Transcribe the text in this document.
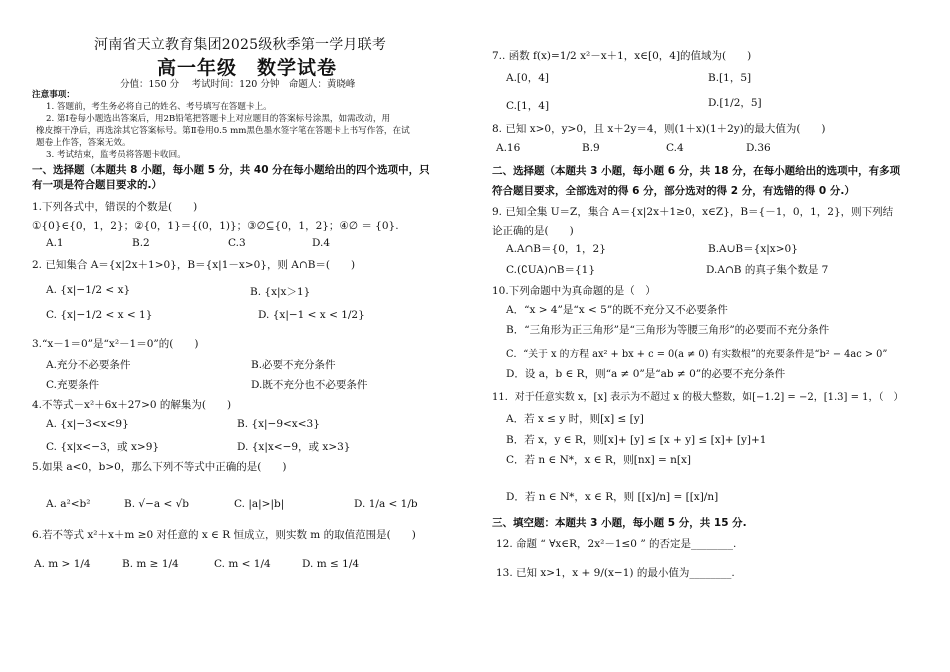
河南省天立教育集团2025级秋季第一学月联考
高一年级　数学试卷
分值：150 分　 考试时间：120 分钟　命题人：黄晓峰
注意事项：
1. 答题前，考生务必将自己的姓名、考号填写在答题卡上。
2. 第Ⅰ卷每小题选出答案后，用2B铅笔把答题卡上对应题目的答案标号涂黑，如需改动，用
橡皮擦干净后，再选涂其它答案标号。第Ⅱ卷用0.5 mm黑色墨水签字笔在答题卡上书写作答，在试
题卷上作答，答案无效。
3. 考试结束，监考员将答题卡收回。
一、选择题（本题共 8 小题，每小题 5 分，共 40 分在每小题给出的四个选项中，只
有一项是符合题目要求的.）
1.下列各式中，错误的个数是(　　)
①{0}∈{0，1，2}；②{0，1}＝{(0，1)}；③∅⊆{0，1，2}；④∅ ＝ {0}.
A.1	B.2	C.3	D.4
2. 已知集合 A＝{x|2x＋1>0}，B＝{x|1－x>0}，则 A∩B＝(　　)
A. {x|−1/2 < x}	B. {x|x＞1}
C. {x|−1/2 < x < 1}	D. {x|−1 < x < 1/2}
3.“x－1＝0”是“x²－1＝0”的(　　)
A.充分不必要条件	B.必要不充分条件
C.充要条件	D.既不充分也不必要条件
4.不等式－x²＋6x＋27>0 的解集为(　　)
A. {x|−3<x<9}	B. {x|−9<x<3}
C. {x|x<−3，或 x>9}	D. {x|x<−9，或 x>3}
5.如果 a<0，b>0，那么下列不等式中正确的是(　　)
A. a²<b²	B. √−a < √b	C. |a|>|b|	D. 1/a < 1/b
6.若不等式 x²＋x＋m ≥0 对任意的 x ∈ R 恒成立，则实数 m 的取值范围是(　　)
A. m > 1/4	B. m ≥ 1/4	C. m < 1/4	D. m ≤ 1/4
7.. 函数 f(x)=1/2 x²－x＋1，x∈[0，4]的值域为(　　)
A.[0，4]	B.[1，5]
C.[1，4]	D.[1/2，5]
8. 已知 x>0，y>0，且 x＋2y＝4，则(1＋x)(1＋2y)的最大值为(　　)
A.16	B.9	C.4	D.36
二、选择题（本题共 3 小题，每小题 6 分，共 18 分，在每小题给出的选项中，有多项
符合题目要求，全部选对的得 6 分，部分选对的得 2 分，有选错的得 0 分.）
9. 已知全集 U＝Z，集合 A＝{x|2x＋1≥0，x∈Z}，B＝{－1，0，1，2}，则下列结
论正确的是(　　)
A.A∩B＝{0，1，2}	B.A∪B＝{x|x>0}
C.(∁UA)∩B＝{1}	D.A∩B 的真子集个数是 7
10.下列命题中为真命题的是（　）
A．“x > 4”是“x < 5”的既不充分又不必要条件
B．“三角形为正三角形”是“三角形为等腰三角形”的必要而不充分条件
C．“关于 x 的方程 ax² + bx + c = 0(a ≠ 0) 有实数根”的充要条件是“b² − 4ac > 0”
D．设 a，b ∈ R，则“a ≠ 0”是“ab ≠ 0”的必要不充分条件
11．对于任意实数 x，[x] 表示为不超过 x 的极大整数，如[−1.2] = −2，[1.3] = 1，（　）
A．若 x ≤ y 时，则[x] ≤ [y]
B．若 x，y ∈ R，则[x]+ [y] ≤ [x + y] ≤ [x]+ [y]+1
C．若 n ∈ N*，x ∈ R，则[nx] = n[x]
D．若 n ∈ N*，x ∈ R，则 [[x]/n] = [[x]/n]
三、填空题：本题共 3 小题，每小题 5 分，共 15 分.
12. 命题 “ ∀x∈R，2x²－1≤0 ” 的否定是________.
13. 已知 x>1，x + 9/(x−1) 的最小值为________.
